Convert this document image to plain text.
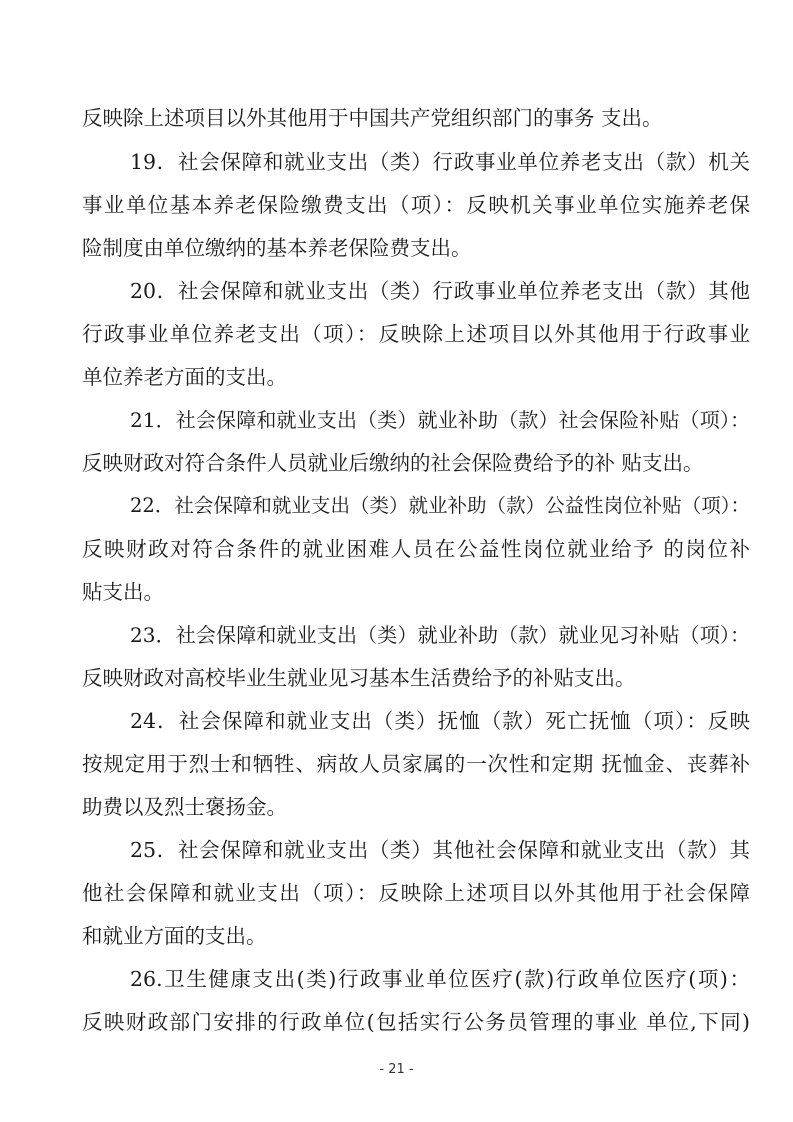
反映除上述项目以外其他用于中国共产党组织部门的事务 支出。
19．社会保障和就业支出（类）行政事业单位养老支出（款）机关
事业单位基本养老保险缴费支出（项）：反映机关事业单位实施养老保
险制度由单位缴纳的基本养老保险费支出。
20．社会保障和就业支出（类）行政事业单位养老支出（款）其他
行政事业单位养老支出（项）：反映除上述项目以外其他用于行政事业
单位养老方面的支出。
21．社会保障和就业支出（类）就业补助（款）社会保险补贴（项）：
反映财政对符合条件人员就业后缴纳的社会保险费给予的补 贴支出。
22．社会保障和就业支出（类）就业补助（款）公益性岗位补贴（项）：
反映财政对符合条件的就业困难人员在公益性岗位就业给予 的岗位补
贴支出。
23．社会保障和就业支出（类）就业补助（款）就业见习补贴（项）：
反映财政对高校毕业生就业见习基本生活费给予的补贴支出。
24．社会保障和就业支出（类）抚恤（款）死亡抚恤（项）：反映
按规定用于烈士和牺牲、病故人员家属的一次性和定期 抚恤金、丧葬补
助费以及烈士褒扬金。
25．社会保障和就业支出（类）其他社会保障和就业支出（款）其
他社会保障和就业支出（项）：反映除上述项目以外其他用于社会保障
和就业方面的支出。
26.卫生健康支出(类)行政事业单位医疗(款)行政单位医疗(项)：
反映财政部门安排的行政单位(包括实行公务员管理的事业 单位,下同)
- 21 -
